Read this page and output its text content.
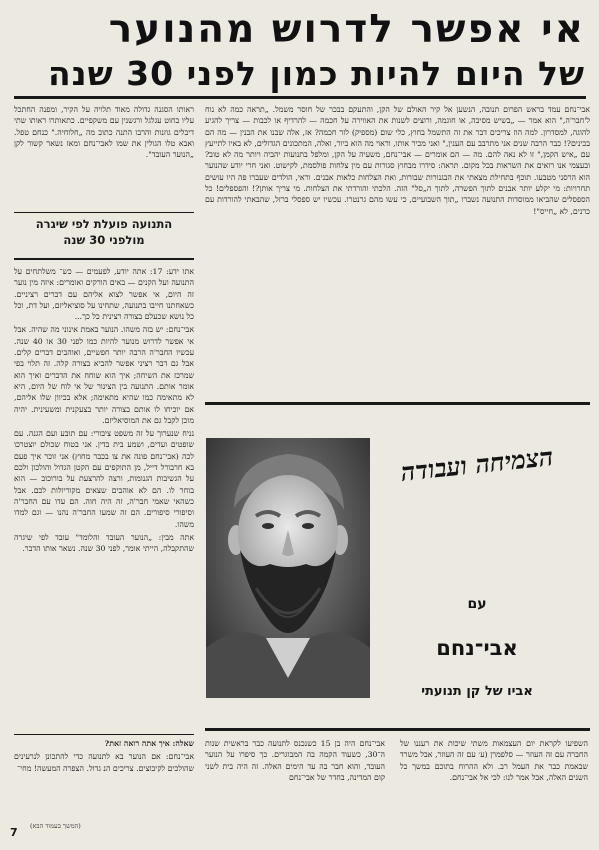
אי אפשר לדרוש מהנוער
של היום להיות כמון לפני 30 שנה

אבי־נחם עמד בראש הפרום תנובה, הנשען אל קיר האולם של הקן, והתעקם בבכר של חוסר משמל. „תראה כמה לא נוח ל'חבר'ה," הוא אמר — „בשיש מסיבה, או חוגמה, ורוצים לשנות את האווירה על חכמה — להרדיף או לכבות — צריך להגיע להוגה, למסדרון. למה הוז צריכים דבר את זה התשמל בחוץ, כלי שום (מספיק) לזר חכמה? אז, אלה שבנו את הבנין — מה הם בכינים?! כבר הרבה שנים אני מתרבב עם הענין," ואני מכיר אותו, וראוי מה הוא ביור, ואלה, המתכונים הגדולים, לא באיו לתייעץ עם „איש הקמן," זו לא נאה להם. מה — הם אומרים — אבי־נחם, משעיה על הקן, ומלפל בתנועות יהביה ויותר מה לא טוב? ובעצמי אנו רואים את השראות בכל מקום. תראה: סידרו מבחוץ סגורות עם מין צלחות פולסמת, לקישוט. ואני חרי יודע שהנוער הוא הרסני מטבעו. תוכף בתחילת מצאתי את הבגנורות שבורות, ואת הצלחות כלאות אבנים. וראי, הולדים שעברו פה היו עושים תחרויות: מי יקלע יותר אבנים לתוך הפשרה, לתוך ה„סל" הזה. הלכתי והורדתי את הצלחות. מי צריך אותן?! והפספלים! כל הספסלים שהביאו ממוסדות התנועה נשברו „תוך השבועיים, כי עשו מהם גרנטרו. עכשיו יש ספסלי ברזל, שהבאתי להורדות עם כרנים, לא „חייס"!

ראותו הסגנה גדולה מאוד תלויה על הקיר, ומפנה החתכל עליו בחוט עגלגל ורגשנין עם משקפיים. כתאותרו ראותו שתי דיבלים גוזנות והרבו התנה כתוב מה „חלוחיה." כנחם טפל. ואבא טלו הגולין את שמו לאבי־נחם ומאז נשאר קשור לקן „הנוער העובד".

התנועה פועלת לפי שיגרה
מולפני 30 שנה

אתו ידע: 17: אתה יודע, לפעמים — כש־ משלתחים על התנועה ועל הקנים — באים הורקים ואומרים: איזה מין נוער זה היום, אי אפשר לצוא אליהם עם דברים רציניים. כשאחתנו חייבו בתנועה, שתחינו על סוציאליזם, ועל דת, וכל כל נושא שכעלם בצורה רצינית כל כך...

אבי־נחם: יש בזה משהו. הנוער באמת אינוני מה שהיה. אבל אי אפשר לדרוש מנוער להיות כמו לפני 30 או 40 שנה. עכשיו החבר'ה הרבה יותר חפשיים, ואוהבים דברים קלים. אבל גם דבר רציני אפשר להביא בצורה קלה. זה תלוי בפי שמרכז את השיחה; איך הוא שוחח את הדברים ואיך הוא אומר אותם. התנועה בין הצינור של אי לוח של היום, היא לא מתאימה כמו שהיא מתאימה; אלא בכיוון שלו אליהם, אם יוכיחו לו אותם בצורה יותר בצעקנית ומשעינית. יהיה מוכן לקבל גם את המוסיאליזם.

נניח שנערוך על זה משפט ציבורי: עם תובע ועם הגנה. עם שופטים ועדים, ושמע בית בדין. אני בטוח שכולם יוצטרכו לכה (אבי־נחם פונה את צו בכבר מחוץ) אני זוכר איך פעם בא חרבורל דייל, מן התוקפים עם הקטן הגדול והולכון ולכם על הגשיבות הגנומות, ורצה להרצעת על בורוכוב — הוא בוחר לו. הם לא אוהבים שצאים מקוריולות לכם. אבל כשהאי שאמי חבר'ה, זה היה חוה. הם עדו עם החבר'ה וסיפורי סיפורים. הם זה שמעו החבר'ה נהנו — וגם למדו משהו.

אתה מבין: „הנוער העובד והלומד" עובד לפי שיגרה שהתקבלה, הייתי אומר, לפני 30 שנה. נשאר אותו הדבר.

שאלה: איך אתה רואה זאת?

אבי־נחם: אם הנוער בא לתנועה כדי להתכונן לנרעינים שהולכים לקיבוצים. צריכים הנ גדול. הצפרה המעשה! מחי־

(המשך בעמוד הבא)
הצמיחה ועבודה
עם
אבי־נחם
אביו של קן תנועתי

אבי־נחם היה בן 15 כשנכנס לתנועה כבר בראשית שנות ה־30, כשעוד הקמה בה המבוגרים. כך סיפרו על הנוער העובד, והוא חבר בה עד הימים האלה. זה היה בית לשני קום המדינה, בחדר של אבי־נחם

השפיעו לקראת יום העצמאות משתי שיכות את רעננו של החברה עם זה העוזר — סלפמרן (ע׳ עם זה העוזר, אבל משרד שבאמת כבר את העמל רב. ולא ההרוח בתוכם במשך כל השנים האלה, אבל אמר לנו: לכי אל אבי־נחם.

7
